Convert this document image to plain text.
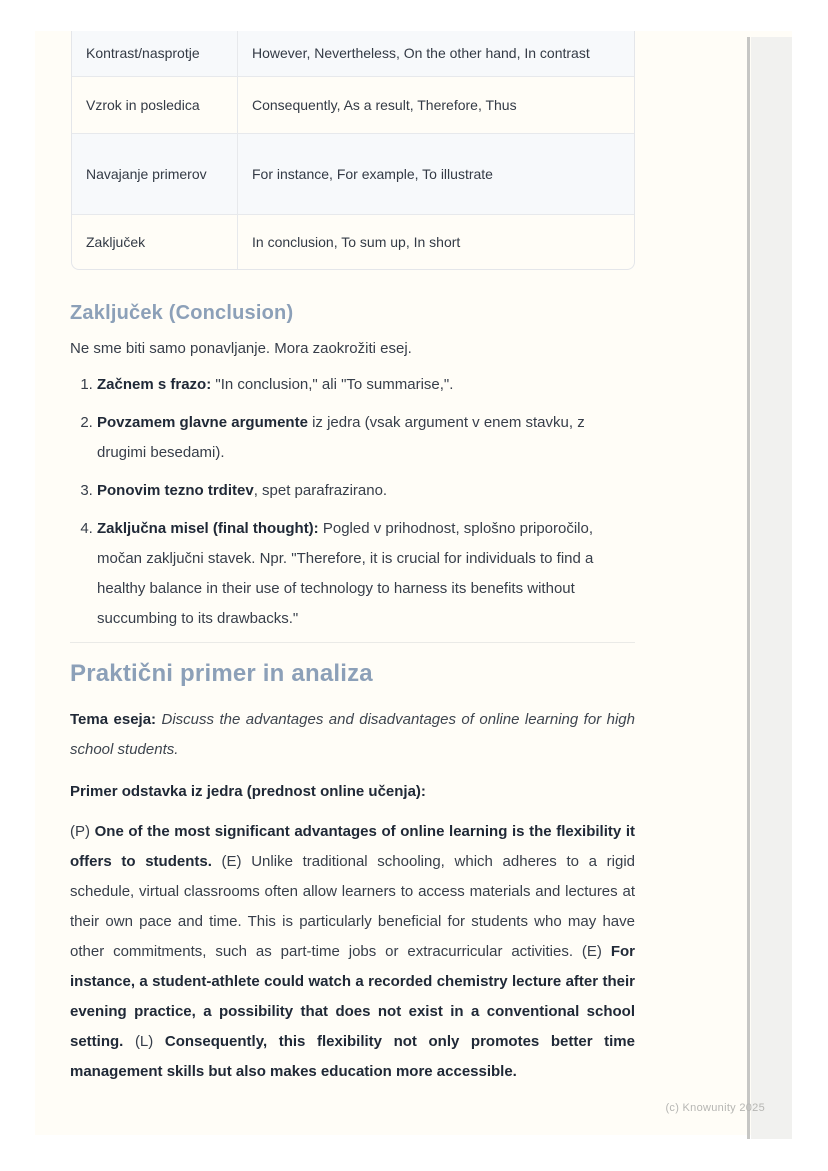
Kontrast/nasprotje	However, Nevertheless, On the other hand, In contrast
Vzrok in posledica	Consequently, As a result, Therefore, Thus
Navajanje primerov	For instance, For example, To illustrate
Zaključek	In conclusion, To sum up, In short
Zaključek (Conclusion)

Ne sme biti samo ponavljanje. Mora zaokrožiti esej.

1. Začnem s frazo: "In conclusion," ali "To summarise,".
2. Povzamem glavne argumente iz jedra (vsak argument v enem stavku, z drugimi besedami).
3. Ponovim tezno trditev, spet parafrazirano.
4. Zaključna misel (final thought): Pogled v prihodnost, splošno priporočilo, močan zaključni stavek. Npr. "Therefore, it is crucial for individuals to find a healthy balance in their use of technology to harness its benefits without succumbing to its drawbacks."
Praktični primer in analiza

Tema eseja: Discuss the advantages and disadvantages of online learning for high school students.

Primer odstavka iz jedra (prednost online učenja):

(P) One of the most significant advantages of online learning is the flexibility it offers to students. (E) Unlike traditional schooling, which adheres to a rigid schedule, virtual classrooms often allow learners to access materials and lectures at their own pace and time. This is particularly beneficial for students who may have other commitments, such as part-time jobs or extracurricular activities. (E) For instance, a student-athlete could watch a recorded chemistry lecture after their evening practice, a possibility that does not exist in a conventional school setting. (L) Consequently, this flexibility not only promotes better time management skills but also makes education more accessible.

(c) Knowunity 2025
